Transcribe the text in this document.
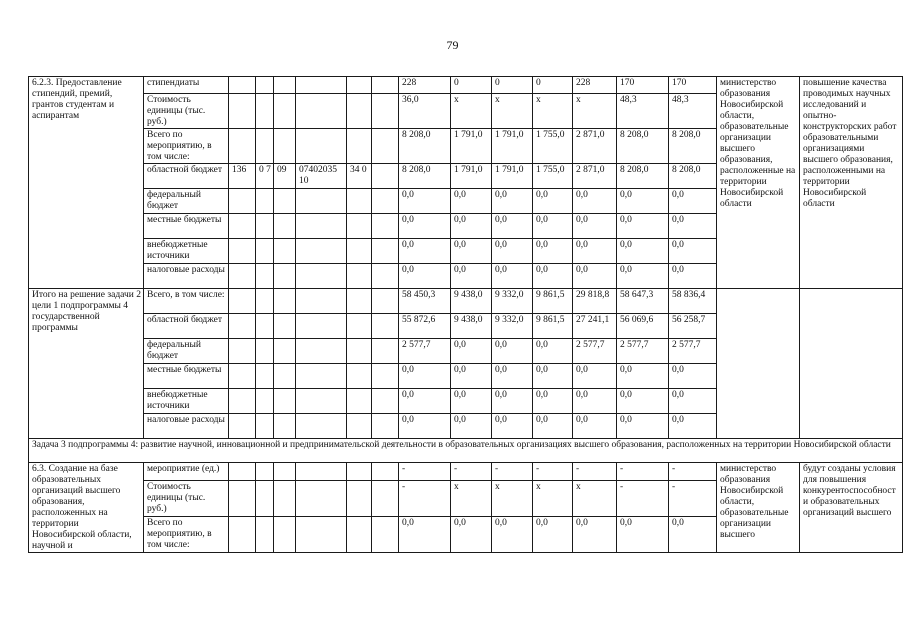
79
6.2.3. Предоставление стипендий, премий, грантов студентам и аспирантам	стипендиаты							228	0	0	0	228	170	170	министерство образования Новосибирской области, образовательные организации высшего образования, расположенные на территории Новосибирской области	повышение качества проводимых научных исследований и опытно-конструкторских работ образовательными организациями высшего образования, расположенными на территории Новосибирской области
	Стоимость единицы (тыс. руб.)							36,0	х	х	х	х	48,3	48,3		
	Всего по мероприятию, в том числе:							8 208,0	1 791,0	1 791,0	1 755,0	2 871,0	8 208,0	8 208,0		
	областной бюджет	136	0 7	09	07402035 10	34 0		8 208,0	1 791,0	1 791,0	1 755,0	2 871,0	8 208,0	8 208,0		
	федеральный бюджет							0,0	0,0	0,0	0,0	0,0	0,0	0,0		
	местные бюджеты							0,0	0,0	0,0	0,0	0,0	0,0	0,0		
	внебюджетные источники							0,0	0,0	0,0	0,0	0,0	0,0	0,0		
	налоговые расходы							0,0	0,0	0,0	0,0	0,0	0,0	0,0		
Итого на решение задачи 2 цели 1 подпрограммы 4 государственной программы	Всего, в том числе:							58 450,3	9 438,0	9 332,0	9 861,5	29 818,8	58 647,3	58 836,4		
	областной бюджет							55 872,6	9 438,0	9 332,0	9 861,5	27 241,1	56 069,6	56 258,7		
	федеральный бюджет							2 577,7	0,0	0,0	0,0	2 577,7	2 577,7	2 577,7		
	местные бюджеты							0,0	0,0	0,0	0,0	0,0	0,0	0,0		
	внебюджетные источники							0,0	0,0	0,0	0,0	0,0	0,0	0,0		
	налоговые расходы							0,0	0,0	0,0	0,0	0,0	0,0	0,0		
Задача 3 подпрограммы 4: развитие научной, инновационной и предпринимательской деятельности в образовательных организациях высшего образования, расположенных на территории Новосибирской области																
6.3. Создание на базе образовательных организаций высшего образования, расположенных на территории Новосибирской области, научной и	мероприятие (ед.)							-	-	-	-	-	-	-	министерство образования Новосибирской области, образовательные организации высшего	будут созданы условия для повышения конкурентоспособности образовательных организаций высшего
	Стоимость единицы (тыс. руб.)							-	х	х	х	х	-	-		
	Всего по мероприятию, в том числе:							0,0	0,0	0,0	0,0	0,0	0,0	0,0		
